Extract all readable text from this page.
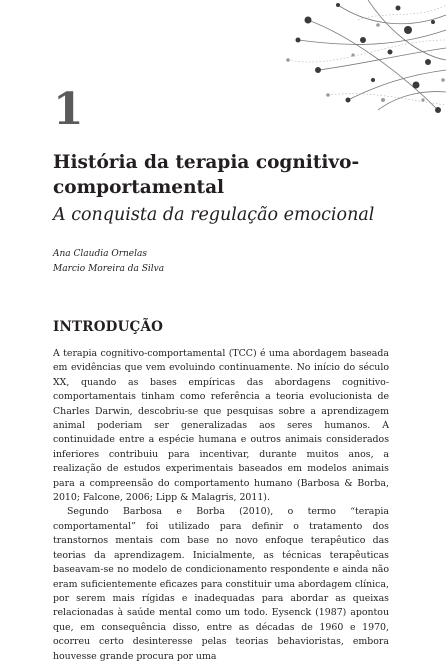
1
História da terapia cognitivo-comportamental
A conquista da regulação emocional
Ana Claudia Ornelas
Marcio Moreira da Silva
INTRODUÇÃO

A terapia cognitivo-comportamental (TCC) é uma abordagem baseada em evidências que vem evoluindo continuamente. No início do século XX, quando as bases empíricas das abordagens cognitivo-comportamentais tinham como referência a teoria evolucionista de Charles Darwin, descobriu-se que pesquisas sobre a aprendizagem animal poderiam ser generalizadas aos seres humanos. A continuidade entre a espécie humana e outros animais considerados inferiores contribuiu para incentivar, durante muitos anos, a realização de estudos experimentais baseados em modelos animais para a compreensão do comportamento humano (Barbosa & Borba, 2010; Falcone, 2006; Lipp & Malagris, 2011).

Segundo Barbosa e Borba (2010), o termo “terapia comportamental” foi utilizado para definir o tratamento dos transtornos mentais com base no novo enfoque terapêutico das teorias da aprendizagem. Inicialmente, as técnicas terapêuticas baseavam-se no modelo de condicionamento respondente e ainda não eram suficientemente eficazes para constituir uma abordagem clínica, por serem mais rígidas e inadequadas para abordar as queixas relacionadas à saúde mental como um todo. Eysenck (1987) apontou que, em consequência disso, entre as décadas de 1960 e 1970, ocorreu certo desinteresse pelas teorias behavioristas, embora houvesse grande procura por uma
